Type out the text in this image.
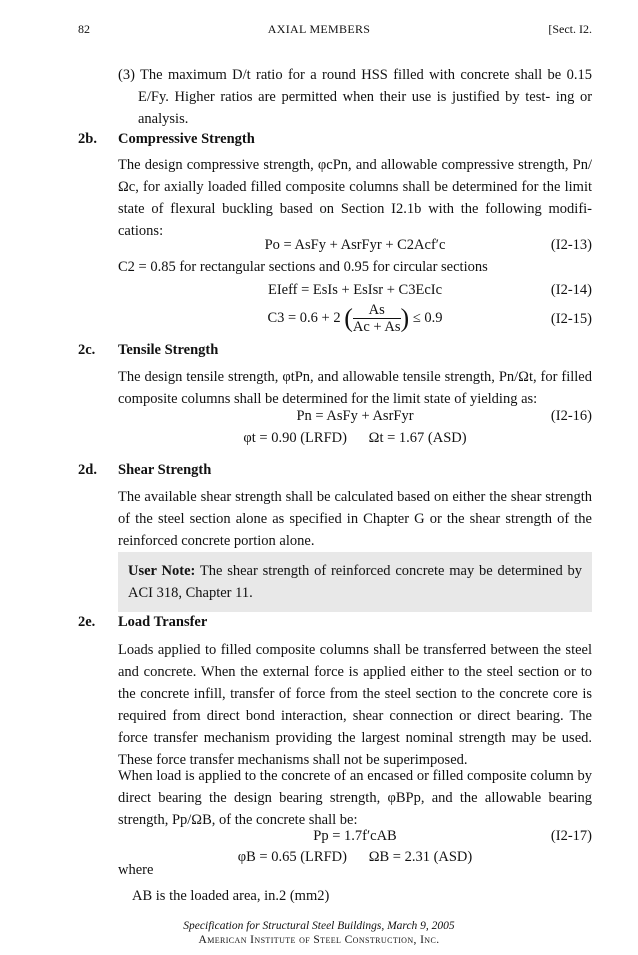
82	AXIAL MEMBERS	[Sect. I2.
(3) The maximum D/t ratio for a round HSS filled with concrete shall be 0.15 E/Fy. Higher ratios are permitted when their use is justified by test- ing or analysis.
2b. Compressive Strength
The design compressive strength, φcPn, and allowable compressive strength, Pn/Ωc, for axially loaded filled composite columns shall be determined for the limit state of flexural buckling based on Section I2.1b with the following modifi- cations:
Po = AsFy + AsrFyr + C2Acf′c	(I2-13)
C2 = 0.85 for rectangular sections and 0.95 for circular sections
EIeff = EsIs + EsIsr + C3EcIc	(I2-14)
C3 = 0.6 + 2 ( $\frac{As}{Ac + As}$ ) ≤ 0.9	(I2-15)
2c. Tensile Strength
The design tensile strength, φtPn, and allowable tensile strength, Pn/Ωt, for filled composite columns shall be determined for the limit state of yielding as:
Pn = AsFy + AsrFyr	(I2-16)
φt = 0.90 (LRFD)      Ωt = 1.67 (ASD)
2d. Shear Strength
The available shear strength shall be calculated based on either the shear strength of the steel section alone as specified in Chapter G or the shear strength of the reinforced concrete portion alone.
User Note: The shear strength of reinforced concrete may be determined by ACI 318, Chapter 11.
2e. Load Transfer
Loads applied to filled composite columns shall be transferred between the steel and concrete. When the external force is applied either to the steel section or to the concrete infill, transfer of force from the steel section to the concrete core is required from direct bond interaction, shear connection or direct bearing. The force transfer mechanism providing the largest nominal strength may be used. These force transfer mechanisms shall not be superimposed.
When load is applied to the concrete of an encased or filled composite column by direct bearing the design bearing strength, φBPp, and the allowable bearing strength, Pp/ΩB, of the concrete shall be:
Pp = 1.7f′cAB	(I2-17)
φB = 0.65 (LRFD)      ΩB = 2.31 (ASD)
where
AB is the loaded area, in.2 (mm2)
Specification for Structural Steel Buildings, March 9, 2005
American Institute of Steel Construction, Inc.
